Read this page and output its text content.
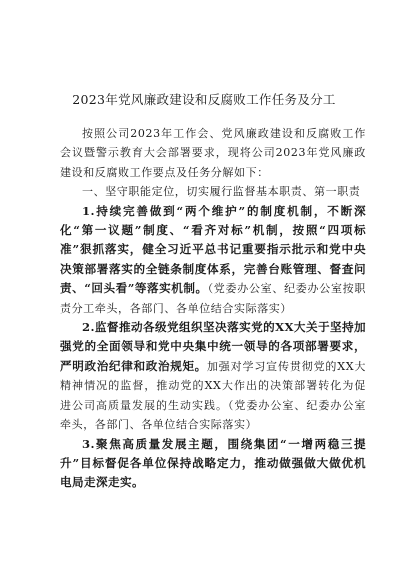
2023年党风廉政建设和反腐败工作任务及分工

按照公司2023年工作会、党风廉政建设和反腐败工作会议暨警示教育大会部署要求，现将公司2023年党风廉政建设和反腐败工作要点及任务分解如下：

一、坚守职能定位，切实履行监督基本职责、第一职责

1.持续完善做到“两个维护”的制度机制，不断深化“第一议题”制度、“看齐对标”机制，按照“四项标准”狠抓落实，健全习近平总书记重要指示批示和党中央决策部署落实的全链条制度体系，完善台账管理、督查问责、“回头看”等落实机制。（党委办公室、纪委办公室按职责分工牵头，各部门、各单位结合实际落实）

2.监督推动各级党组织坚决落实党的XX大关于坚持加强党的全面领导和党中央集中统一领导的各项部署要求，严明政治纪律和政治规矩。加强对学习宣传贯彻党的XX大精神情况的监督，推动党的XX大作出的决策部署转化为促进公司高质量发展的生动实践。（党委办公室、纪委办公室牵头，各部门、各单位结合实际落实）

3.聚焦高质量发展主题，围绕集团“一增两稳三提升”目标督促各单位保持战略定力，推动做强做大做优机电局走深走实。
